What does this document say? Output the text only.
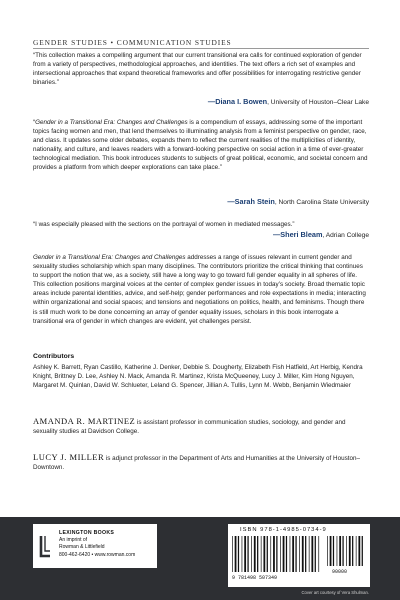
GENDER STUDIES • COMMUNICATION STUDIES
“This collection makes a compelling argument that our current transitional era calls for continued exploration of gender from a variety of perspectives, methodological approaches, and identities. The text offers a rich set of examples and intersectional approaches that expand theoretical frameworks and offer possibilities for interrogating restrictive gender binaries.”
—Diana I. Bowen, University of Houston–Clear Lake
“Gender in a Transitional Era: Changes and Challenges is a compendium of essays, addressing some of the important topics facing women and men, that lend themselves to illuminating analysis from a feminist perspective on gender, race, and class. It updates some older debates, expands them to reflect the current realities of the multiplicities of identity, nationality, and culture, and leaves readers with a forward-looking perspective on social action in a time of ever-greater technological mediation. This book introduces students to subjects of great political, economic, and societal concern and provides a platform from which deeper explorations can take place.”
—Sarah Stein, North Carolina State University
“I was especially pleased with the sections on the portrayal of women in mediated messages.”
—Sheri Bleam, Adrian College
Gender in a Transitional Era: Changes and Challenges addresses a range of issues relevant in current gender and sexuality studies scholarship which span many disciplines. The contributors prioritize the critical thinking that continues to support the notion that we, as a society, still have a long way to go toward full gender equality in all spheres of life. This collection positions marginal voices at the center of complex gender issues in today’s society. Broad thematic topic areas include parental identities, advice, and self-help; gender performances and role expectations in media; interacting within organizational and social spaces; and tensions and negotiations on politics, health, and feminisms. Though there is still much work to be done concerning an array of gender equality issues, scholars in this book interrogate a transitional era of gender in which changes are evident, yet challenges persist.
Contributors
Ashley K. Barrett, Ryan Castillo, Katherine J. Denker, Debbie S. Dougherty, Elizabeth Fish Hatfield, Art Herbig, Kendra Knight, Brittney D. Lee, Ashley N. Mack, Amanda R. Martinez, Krista McQueeney, Lucy J. Miller, Kim Hong Nguyen, Margaret M. Quinlan, David W. Schlueter, Leland G. Spencer, Jillian A. Tullis, Lynn M. Webb, Benjamin Wiedmaier
AMANDA R. MARTINEZ is assistant professor in communication studies, sociology, and gender and sexuality studies at Davidson College.
LUCY J. MILLER is adjunct professor in the Department of Arts and Humanities at the University of Houston–Downtown.
LEXINGTON BOOKS
An imprint of
Rowman & Littlefield
800-462-6420 • www.rowman.com
ISBN 978-1-4985-0734-9
9 781498 507349
90000
Cover art courtesy of Vera Shulman.
